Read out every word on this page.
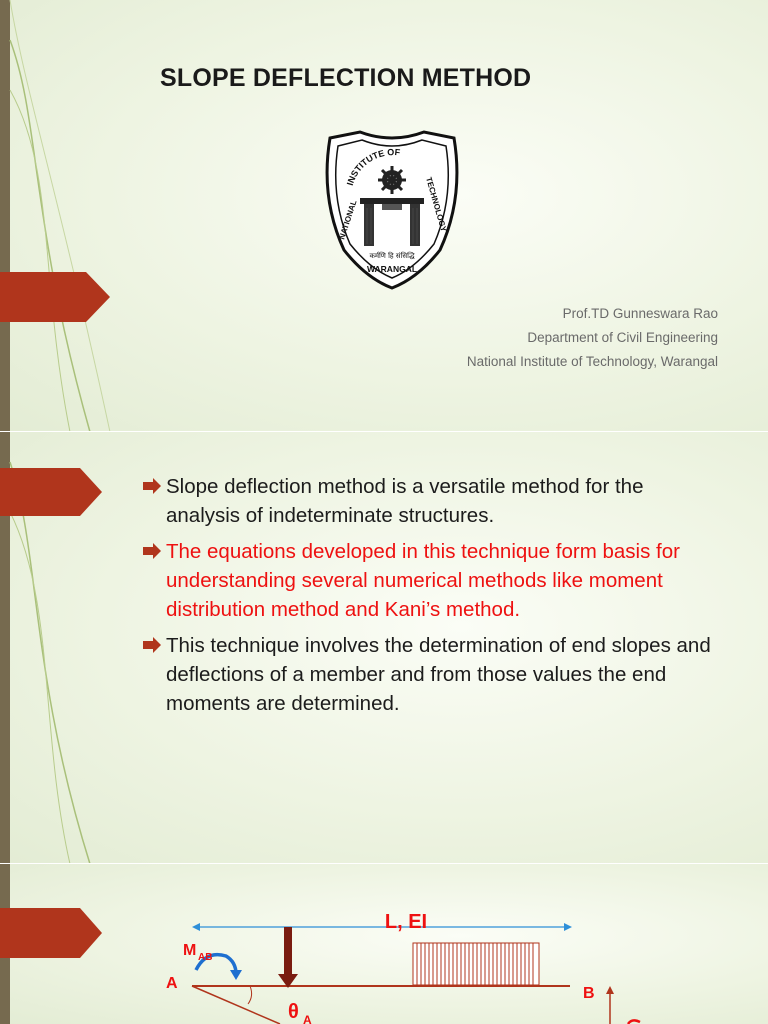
SLOPE DEFLECTION METHOD
INSTITUTE OF
NATIONAL	TECHNOLOGY
कर्मणि हि संसिद्धि
WARANGAL
Prof.TD Gunneswara Rao
Department of Civil Engineering
National Institute of Technology, Warangal
Slope deflection method is a versatile method for the analysis of indeterminate structures.
The equations developed in this technique form basis for understanding several numerical methods like moment distribution method and Kani’s method.
This technique involves the determination of end slopes and deflections of a member and from those values the end moments are determined.
L, EI
M AB
A
B
θ A
